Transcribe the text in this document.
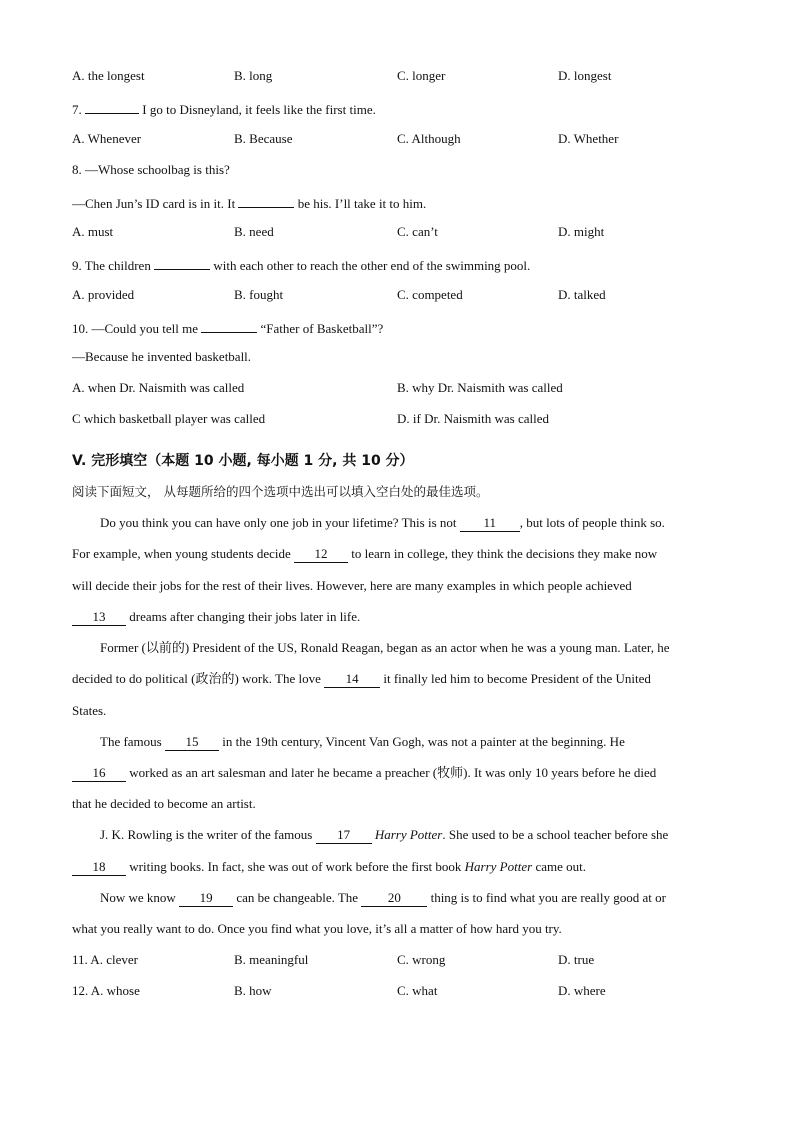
A. the longest	B. long	C. longer	D. longest
7.	I go to Disneyland, it feels like the first time.
A. Whenever	B. Because	C. Although	D. Whether
8. —Whose schoolbag is this?
—Chen Jun’s ID card is in it. It	be his. I’ll take it to him.
A. must	B. need	C. can’t	D. might
9. The children	with each other to reach the other end of the swimming pool.
A. provided	B. fought	C. competed	D. talked
10. —Could you tell me	“Father of Basketball”?
—Because he invented basketball.
A. when Dr. Naismith was called	B. why Dr. Naismith was called
C which basketball player was called	D. if Dr. Naismith was called
V. 完形填空（本题 10 小题, 每小题 1 分, 共 10 分）
阅读下面短文， 从每题所给的四个选项中选出可以填入空白处的最佳选项。
Do you think you can have only one job in your lifetime? This is not 11 , but lots of people think so.
For example, when young students decide 12 to learn in college, they think the decisions they make now
will decide their jobs for the rest of their lives. However, here are many examples in which people achieved
13 dreams after changing their jobs later in life.
Former (以前的) President of the US, Ronald Reagan, began as an actor when he was a young man. Later, he
decided to do political (政治的) work. The love 14 it finally led him to become President of the United
States.
The famous 15 in the 19th century, Vincent Van Gogh, was not a painter at the beginning. He
16 worked as an art salesman and later he became a preacher (牧师). It was only 10 years before he died
that he decided to become an artist.
J. K. Rowling is the writer of the famous 17 Harry Potter. She used to be a school teacher before she
18 writing books. In fact, she was out of work before the first book Harry Potter came out.
Now we know 19 can be changeable. The 20 thing is to find what you are really good at or
what you really want to do. Once you find what you love, it’s all a matter of how hard you try.
11. A. clever	B. meaningful	C. wrong	D. true
12. A. whose	B. how	C. what	D. where
